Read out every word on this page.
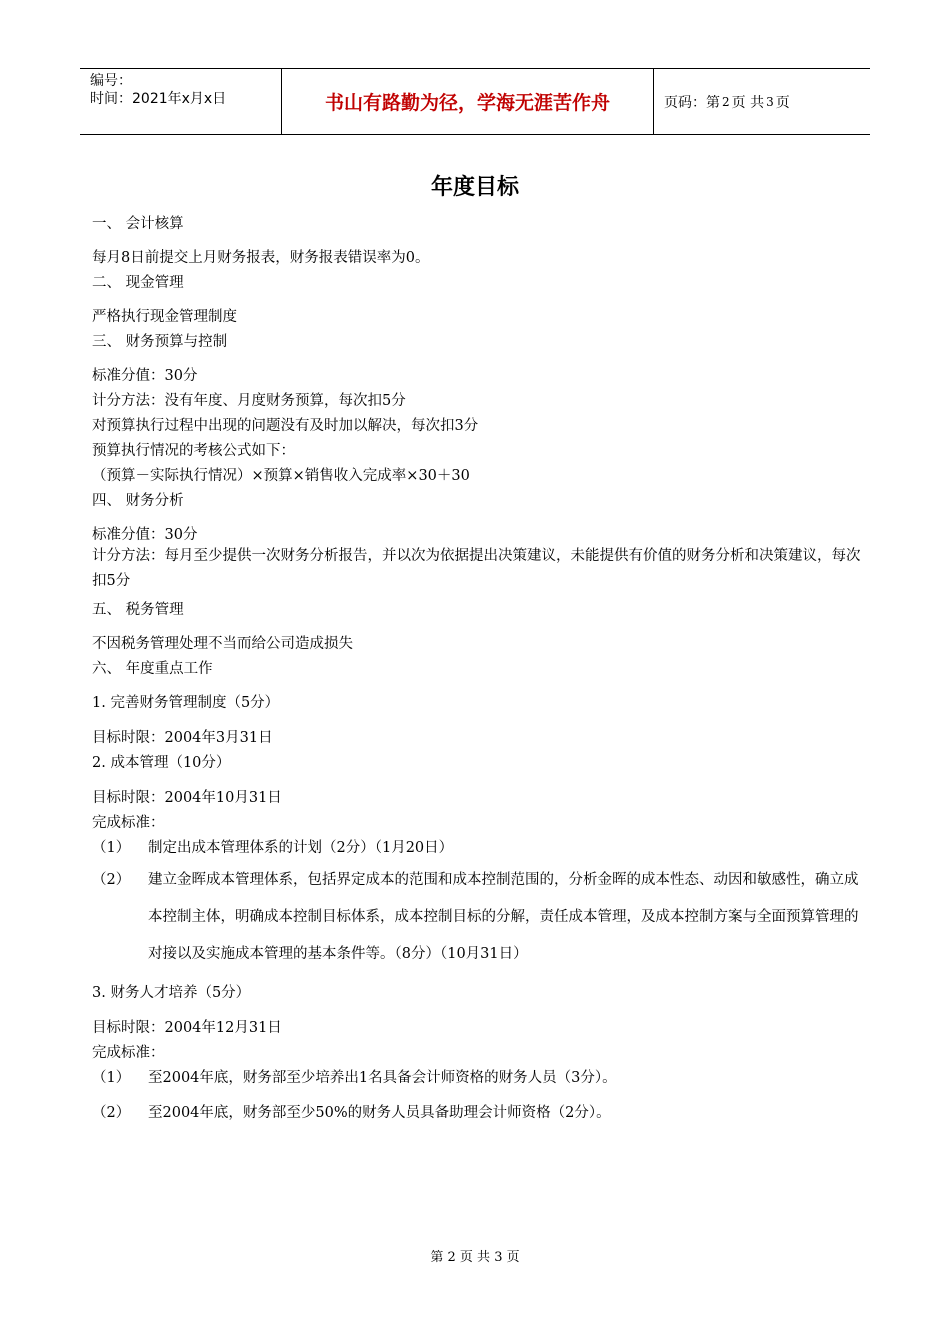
编号：
时间：2021年x月x日	书山有路勤为径，学海无涯苦作舟	页码：第 2 页 共 3 页
年度目标
一、 会计核算
每月8日前提交上月财务报表，财务报表错误率为0。
二、 现金管理
严格执行现金管理制度
三、 财务预算与控制
标准分值：30分
计分方法：没有年度、月度财务预算，每次扣5分
对预算执行过程中出现的问题没有及时加以解决，每次扣3分
预算执行情况的考核公式如下：
（预算－实际执行情况）×预算×销售收入完成率×30＋30
四、 财务分析
标准分值：30分
计分方法：每月至少提供一次财务分析报告，并以次为依据提出决策建议，未能提供有价值的财务分析和决策建议，每次扣5分
五、 税务管理
不因税务管理处理不当而给公司造成损失
六、 年度重点工作
1. 完善财务管理制度（5分）
目标时限：2004年3月31日
2. 成本管理（10分）
目标时限：2004年10月31日
完成标准：
（1） 制定出成本管理体系的计划（2分）（1月20日）
（2）	建立金晖成本管理体系，包括界定成本的范围和成本控制范围的，分析金晖的成本性态、动因和敏感性，确立成本控制主体，明确成本控制目标体系，成本控制目标的分解，责任成本管理，及成本控制方案与全面预算管理的对接以及实施成本管理的基本条件等。（8分）（10月31日）
3. 财务人才培养（5分）
目标时限：2004年12月31日
完成标准：
（1） 至2004年底，财务部至少培养出1名具备会计师资格的财务人员（3分）。
（2） 至2004年底，财务部至少50%的财务人员具备助理会计师资格（2分）。
第 2 页 共 3 页
